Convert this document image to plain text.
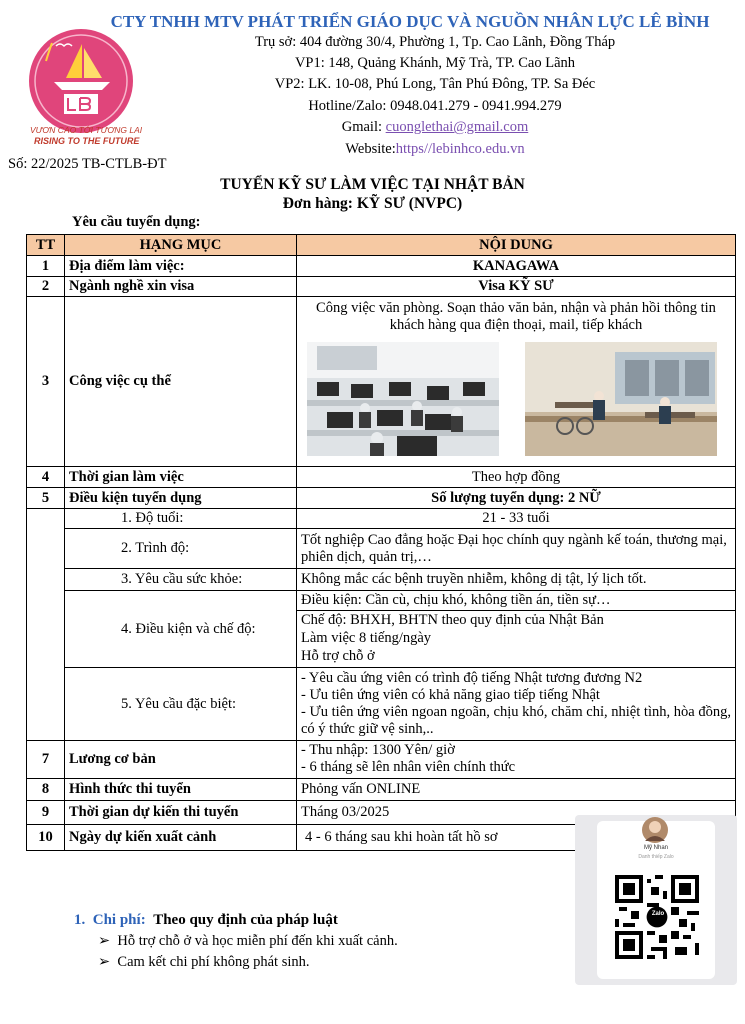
CTY TNHH MTV PHÁT TRIỂN GIÁO DỤC VÀ NGUỒN NHÂN LỰC LÊ BÌNH
Trụ sở: 404 đường 30/4, Phường 1, Tp. Cao Lãnh, Đồng Tháp
VP1: 148, Quảng Khánh, Mỹ Trà, TP. Cao Lãnh
VP2: LK. 10-08, Phú Long, Tân Phú Đông, TP. Sa Đéc
Hotline/Zalo: 0948.041.279 - 0941.994.279
Gmail: cuonglethai@gmail.com
Website:https//lebinhco.edu.vn
VƯƠN CAO TỚI TƯƠNG LAI
RISING TO THE FUTURE
Số: 22/2025 TB-CTLB-ĐT
TUYỂN KỸ SƯ LÀM VIỆC TẠI NHẬT BẢN
Đơn hàng: KỸ SƯ (NVPC)
Yêu cầu tuyển dụng:
TT	HẠNG MỤC	NỘI DUNG
1	Địa điểm làm việc:	KANAGAWA
2	Ngành nghề xin visa	Visa KỸ SƯ
3	Công việc cụ thể	Công việc văn phòng. Soạn thảo văn bản, nhận và phản hồi thông tin khách hàng qua điện thoại, mail, tiếp khách

4	Thời gian làm việc	Theo hợp đồng
5	Điều kiện tuyển dụng	Số lượng tuyển dụng: 2 NỮ
	1. Độ tuổi:	21 - 33 tuổi
	2. Trình độ:	Tốt nghiệp Cao đẳng hoặc Đại học chính quy ngành kế toán, thương mại, phiên dịch, quản trị,…
	3. Yêu cầu sức khỏe:	Không mắc các bệnh truyền nhiễm, không dị tật, lý lịch tốt.
	4. Điều kiện và chế độ:	Điều kiện: Cần cù, chịu khó, không tiền án, tiền sự…
Chế độ: BHXH, BHTN theo quy định của Nhật Bản
Làm việc 8 tiếng/ngày
Hỗ trợ chỗ ở

	5. Yêu cầu đặc biệt:	- Yêu cầu ứng viên có trình độ tiếng Nhật tương đương N2
- Ưu tiên ứng viên có khả năng giao tiếp tiếng Nhật
- Ưu tiên ứng viên ngoan ngoãn, chịu khó, chăm chỉ, nhiệt tình, hòa đồng, có ý thức giữ vệ sinh,..

7	Lương cơ bản	- Thu nhập: 1300 Yên/ giờ
- 6 tháng sẽ lên nhân viên chính thức

8	Hình thức thi tuyển	Phỏng vấn ONLINE
9	Thời gian dự kiến thi tuyển	Tháng 03/2025
10	Ngày dự kiến xuất cảnh	4 - 6 tháng sau khi hoàn tất hồ sơ
Mỹ Nhan
Danh thiếp Zalo
Zalo
1. Chi phí: Theo quy định của pháp luật
➢ Hỗ trợ chỗ ở và học miễn phí đến khi xuất cảnh.
➢ Cam kết chi phí không phát sinh.
